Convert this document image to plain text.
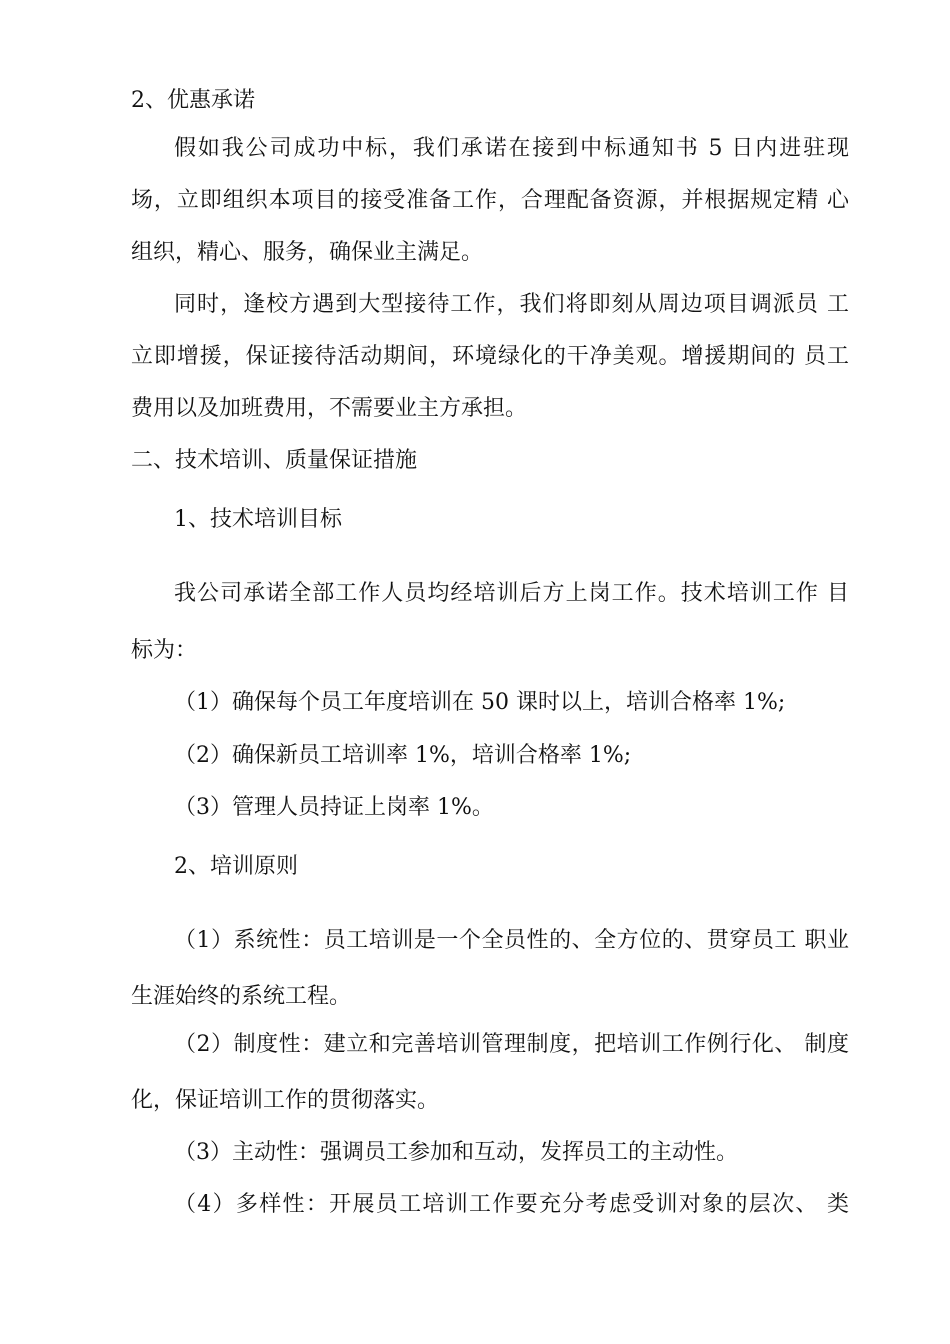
2、优惠承诺
假如我公司成功中标，我们承诺在接到中标通知书 5 日内进驻现
场，立即组织本项目的接受准备工作，合理配备资源，并根据规定精 心
组织，精心、服务，确保业主满足。
同时，逢校方遇到大型接待工作，我们将即刻从周边项目调派员 工
立即增援，保证接待活动期间，环境绿化的干净美观。增援期间的 员工
费用以及加班费用，不需要业主方承担。
二、技术培训、质量保证措施
1、技术培训目标
我公司承诺全部工作人员均经培训后方上岗工作。技术培训工作 目
标为：
（1）确保每个员工年度培训在 50 课时以上，培训合格率 1%;
（2）确保新员工培训率 1%，培训合格率 1%;
（3）管理人员持证上岗率 1%。
2、培训原则
（1）系统性：员工培训是一个全员性的、全方位的、贯穿员工 职业
生涯始终的系统工程。
（2）制度性：建立和完善培训管理制度，把培训工作例行化、 制度
化，保证培训工作的贯彻落实。
（3）主动性：强调员工参加和互动，发挥员工的主动性。
（4）多样性：开展员工培训工作要充分考虑受训对象的层次、 类
